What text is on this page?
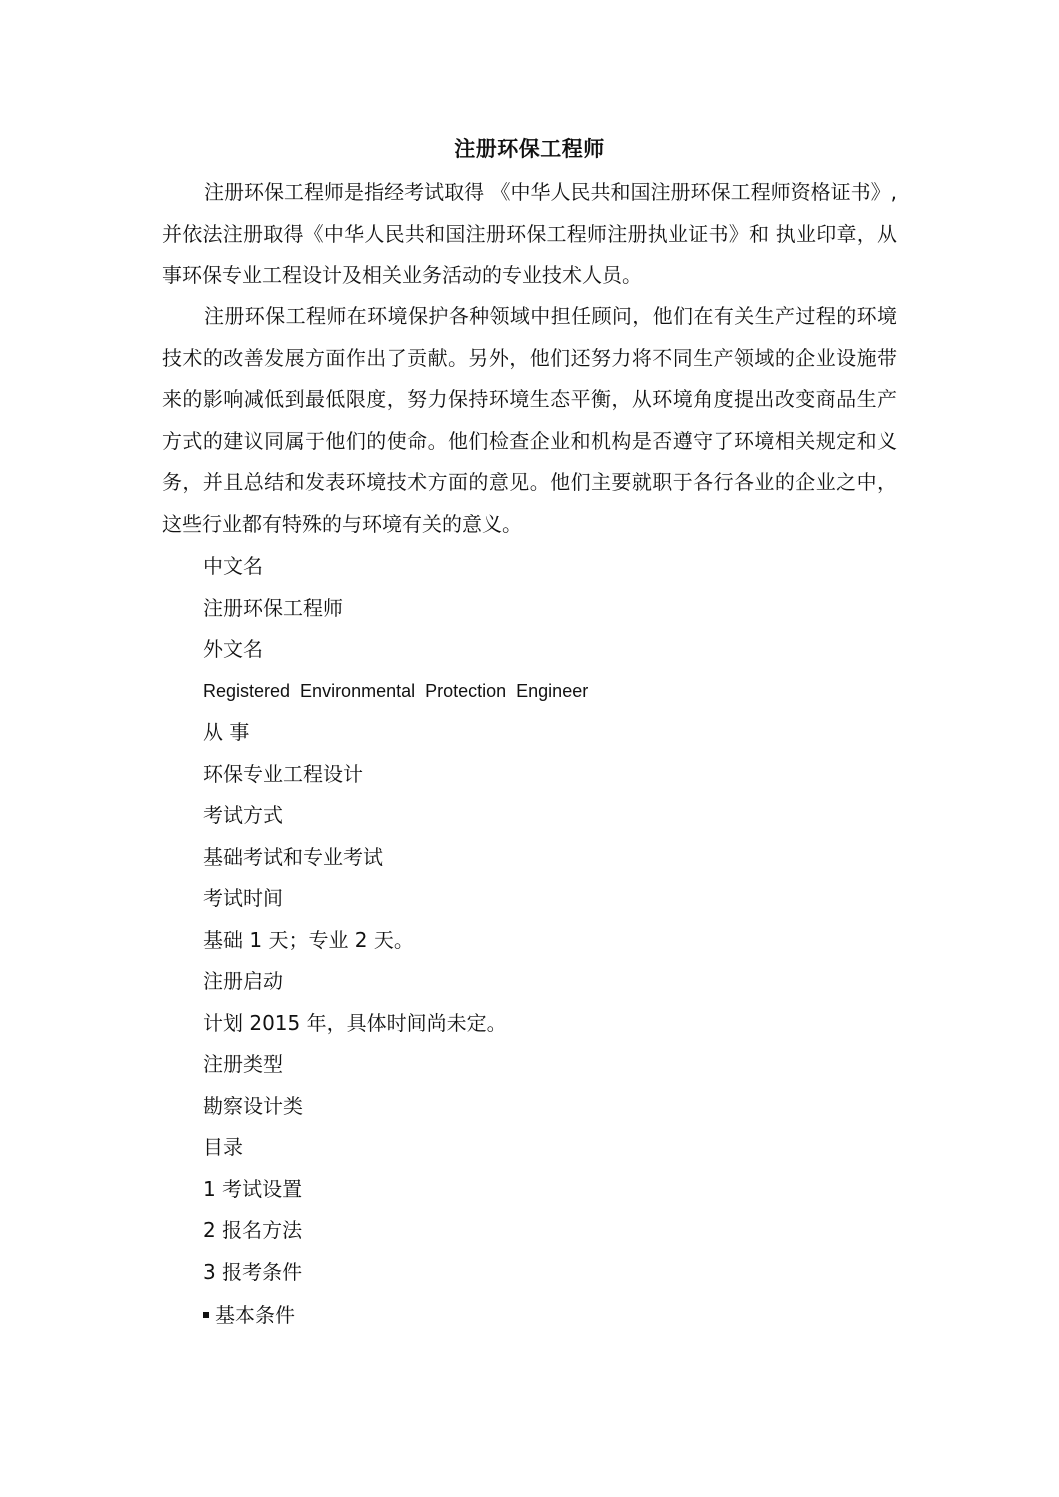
注册环保工程师

注册环保工程师是指经考试取得 《中华人民共和国注册环保工程师资格证书》,并依法注册取得《中华人民共和国注册环保工程师注册执业证书》和 执业印章，从事环保专业工程设计及相关业务活动的专业技术人员。

注册环保工程师在环境保护各种领域中担任顾问，他们在有关生产过程的环境技术的改善发展方面作出了贡献。另外，他们还努力将不同生产领域的企业设施带来的影响减低到最低限度，努力保持环境生态平衡，从环境角度提出改变商品生产方式的建议同属于他们的使命。他们检查企业和机构是否遵守了环境相关规定和义务，并且总结和发表环境技术方面的意见。他们主要就职于各行各业的企业之中，这些行业都有特殊的与环境有关的意义。

中文名
注册环保工程师
外文名
Registered Environmental Protection Engineer
从 事
环保专业工程设计
考试方式
基础考试和专业考试
考试时间
基础 1 天；专业 2 天。
注册启动
计划 2015 年，具体时间尚未定。
注册类型
勘察设计类
目录
1 考试设置
2 报名方法
3 报考条件
基本条件
